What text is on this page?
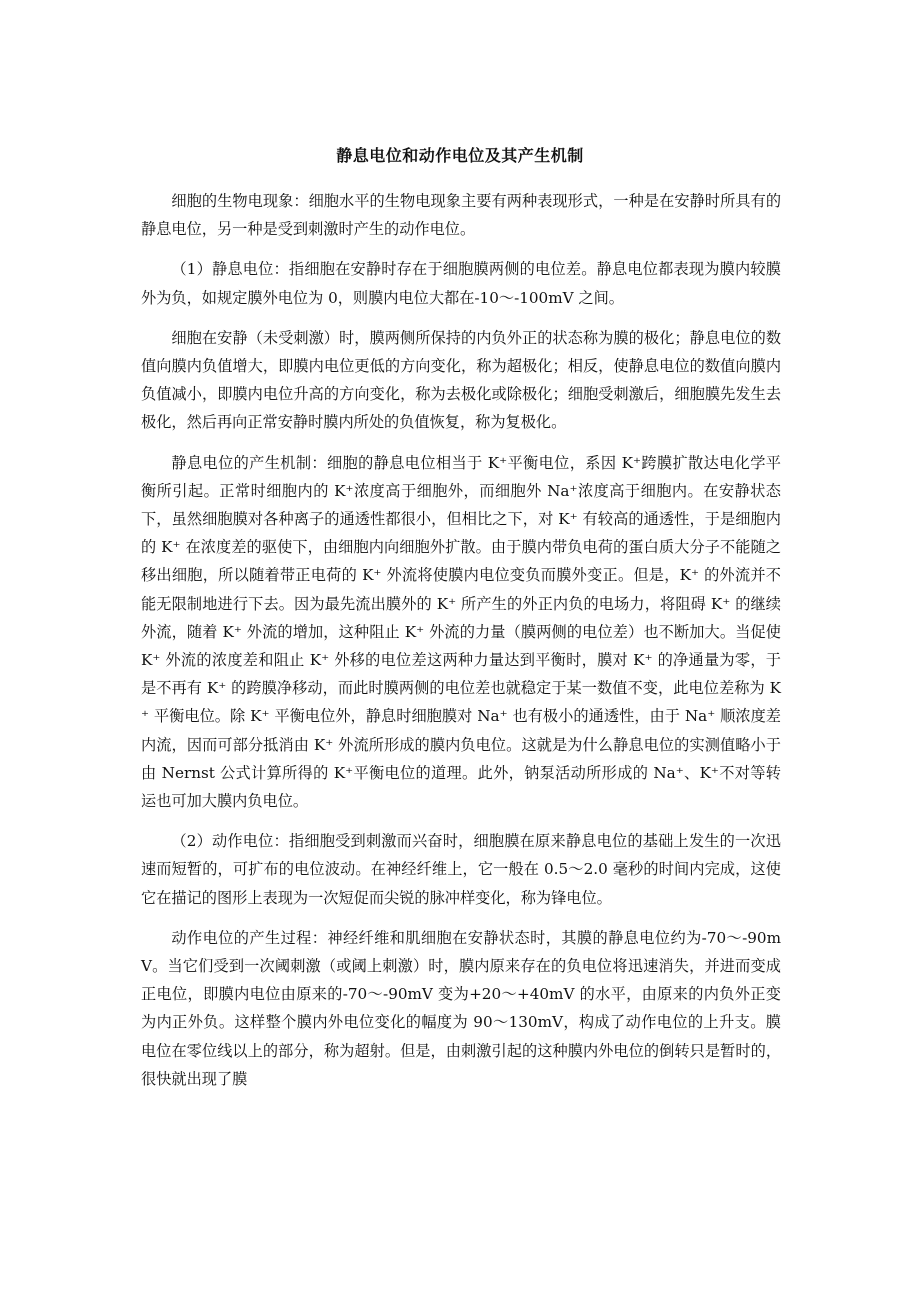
静息电位和动作电位及其产生机制

细胞的生物电现象：细胞水平的生物电现象主要有两种表现形式，一种是在安静时所具有的静息电位，另一种是受到刺激时产生的动作电位。

（1）静息电位：指细胞在安静时存在于细胞膜两侧的电位差。静息电位都表现为膜内较膜外为负，如规定膜外电位为 0，则膜内电位大都在-10～-100mV 之间。

细胞在安静（未受刺激）时，膜两侧所保持的内负外正的状态称为膜的极化；静息电位的数值向膜内负值增大，即膜内电位更低的方向变化，称为超极化；相反，使静息电位的数值向膜内负值减小，即膜内电位升高的方向变化，称为去极化或除极化；细胞受刺激后，细胞膜先发生去极化，然后再向正常安静时膜内所处的负值恢复，称为复极化。

静息电位的产生机制：细胞的静息电位相当于 K⁺平衡电位，系因 K⁺跨膜扩散达电化学平衡所引起。正常时细胞内的 K⁺浓度高于细胞外，而细胞外 Na⁺浓度高于细胞内。在安静状态下，虽然细胞膜对各种离子的通透性都很小，但相比之下，对 K⁺ 有较高的通透性，于是细胞内的 K⁺ 在浓度差的驱使下，由细胞内向细胞外扩散。由于膜内带负电荷的蛋白质大分子不能随之移出细胞，所以随着带正电荷的 K⁺ 外流将使膜内电位变负而膜外变正。但是，K⁺ 的外流并不能无限制地进行下去。因为最先流出膜外的 K⁺ 所产生的外正内负的电场力，将阻碍 K⁺ 的继续外流，随着 K⁺ 外流的增加，这种阻止 K⁺ 外流的力量（膜两侧的电位差）也不断加大。当促使 K⁺ 外流的浓度差和阻止 K⁺ 外移的电位差这两种力量达到平衡时，膜对 K⁺ 的净通量为零，于是不再有 K⁺ 的跨膜净移动，而此时膜两侧的电位差也就稳定于某一数值不变，此电位差称为 K⁺ 平衡电位。除 K⁺ 平衡电位外，静息时细胞膜对 Na⁺ 也有极小的通透性，由于 Na⁺ 顺浓度差内流，因而可部分抵消由 K⁺ 外流所形成的膜内负电位。这就是为什么静息电位的实测值略小于由 Nernst 公式计算所得的 K⁺平衡电位的道理。此外，钠泵活动所形成的 Na⁺、K⁺不对等转运也可加大膜内负电位。

（2）动作电位：指细胞受到刺激而兴奋时，细胞膜在原来静息电位的基础上发生的一次迅速而短暂的，可扩布的电位波动。在神经纤维上，它一般在 0.5～2.0 毫秒的时间内完成，这使它在描记的图形上表现为一次短促而尖锐的脉冲样变化，称为锋电位。

动作电位的产生过程：神经纤维和肌细胞在安静状态时，其膜的静息电位约为-70～-90mV。当它们受到一次阈刺激（或阈上刺激）时，膜内原来存在的负电位将迅速消失，并进而变成正电位，即膜内电位由原来的-70～-90mV 变为+20～+40mV 的水平，由原来的内负外正变为内正外负。这样整个膜内外电位变化的幅度为 90～130mV，构成了动作电位的上升支。膜电位在零位线以上的部分，称为超射。但是，由刺激引起的这种膜内外电位的倒转只是暂时的，很快就出现了膜
